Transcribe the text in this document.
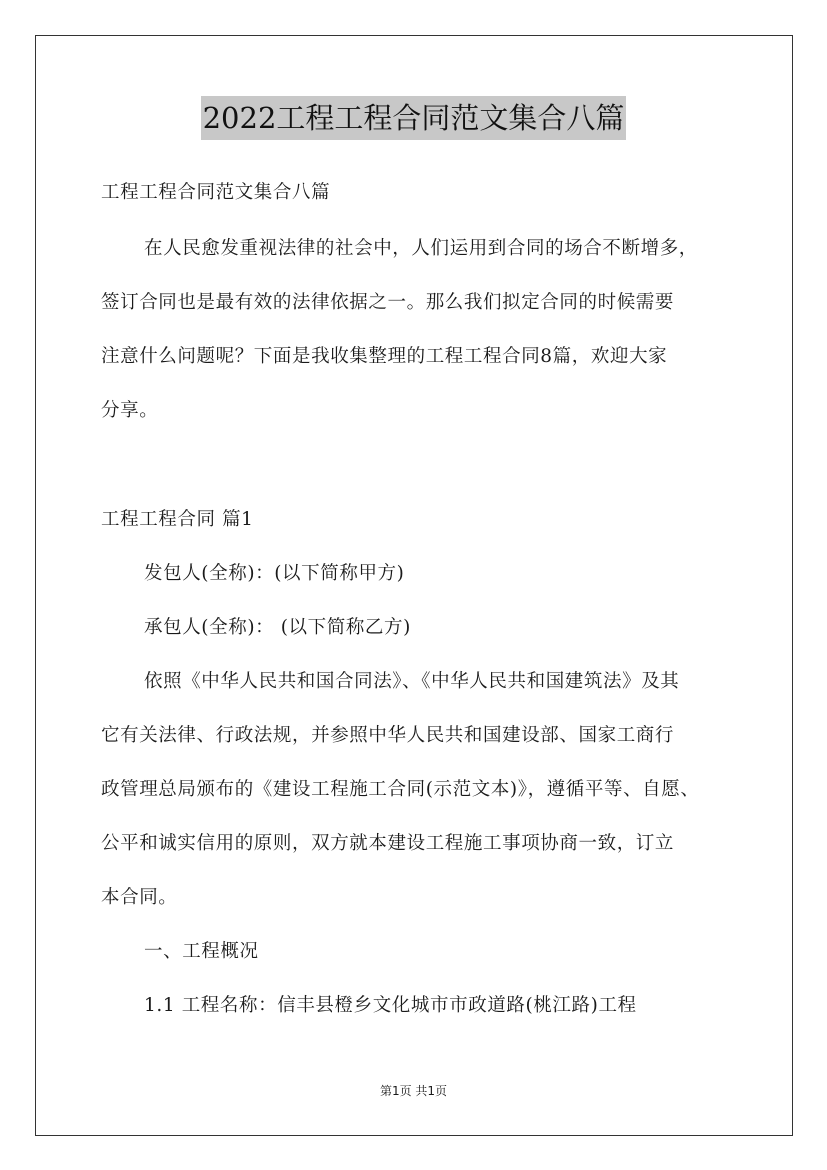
2022工程工程合同范文集合八篇
工程工程合同范文集合八篇
在人民愈发重视法律的社会中，人们运用到合同的场合不断增多，
签订合同也是最有效的法律依据之一。那么我们拟定合同的时候需要
注意什么问题呢？下面是我收集整理的工程工程合同8篇，欢迎大家
分享。
工程工程合同 篇1
发包人(全称)：(以下简称甲方)
承包人(全称)： (以下简称乙方)
依照《中华人民共和国合同法》、《中华人民共和国建筑法》及其
它有关法律、行政法规，并参照中华人民共和国建设部、国家工商行
政管理总局颁布的《建设工程施工合同(示范文本)》，遵循平等、自愿、
公平和诚实信用的原则，双方就本建设工程施工事项协商一致，订立
本合同。
一、工程概况
1.1 工程名称：信丰县橙乡文化城市市政道路(桃江路)工程
第1页 共1页
